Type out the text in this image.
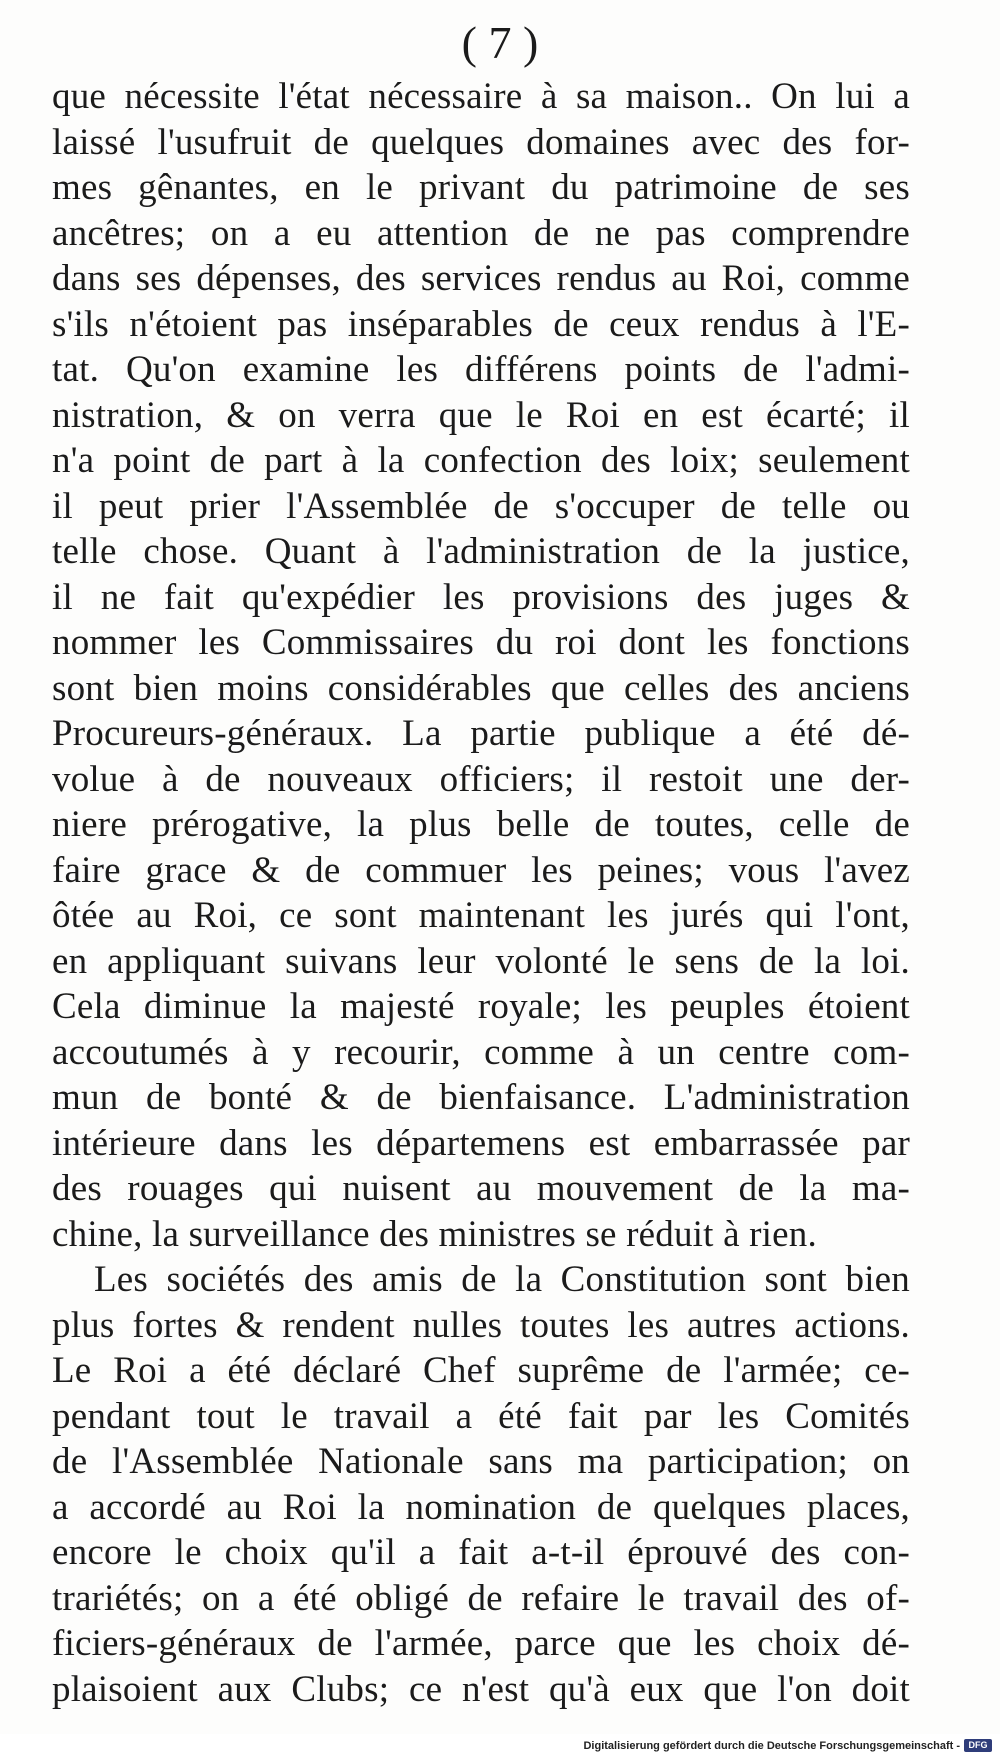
( 7 )
que nécessite l'état nécessaire à sa maison.. On lui a
laissé l'usufruit de quelques domaines avec des for-
mes gênantes, en le privant du patrimoine de ses
ancêtres; on a eu attention de ne pas comprendre
dans ses dépenses, des services rendus au Roi, comme
s'ils n'étoient pas inséparables de ceux rendus à l'E-
tat. Qu'on examine les différens points de l'admi-
nistration, & on verra que le Roi en est écarté; il
n'a point de part à la confection des loix; seulement
il peut prier l'Assemblée de s'occuper de telle ou
telle chose. Quant à l'administration de la justice,
il ne fait qu'expédier les provisions des juges &
nommer les Commissaires du roi dont les fonctions
sont bien moins considérables que celles des anciens
Procureurs-généraux. La partie publique a été dé-
volue à de nouveaux officiers; il restoit une der-
niere prérogative, la plus belle de toutes, celle de
faire grace & de commuer les peines; vous l'avez
ôtée au Roi, ce sont maintenant les jurés qui l'ont,
en appliquant suivans leur volonté le sens de la loi.
Cela diminue la majesté royale; les peuples étoient
accoutumés à y recourir, comme à un centre com-
mun de bonté & de bienfaisance. L'administration
intérieure dans les départemens est embarrassée par
des rouages qui nuisent au mouvement de la ma-
chine, la surveillance des ministres se réduit à rien.
Les sociétés des amis de la Constitution sont bien
plus fortes & rendent nulles toutes les autres actions.
Le Roi a été déclaré Chef suprême de l'armée; ce-
pendant tout le travail a été fait par les Comités
de l'Assemblée Nationale sans ma participation; on
a accordé au Roi la nomination de quelques places,
encore le choix qu'il a fait a-t-il éprouvé des con-
trariétés; on a été obligé de refaire le travail des of-
ficiers-généraux de l'armée, parce que les choix dé-
plaisoient aux Clubs; ce n'est qu'à eux que l'on doit
Digitalisierung gefördert durch die Deutsche Forschungsgemeinschaft - DFG
